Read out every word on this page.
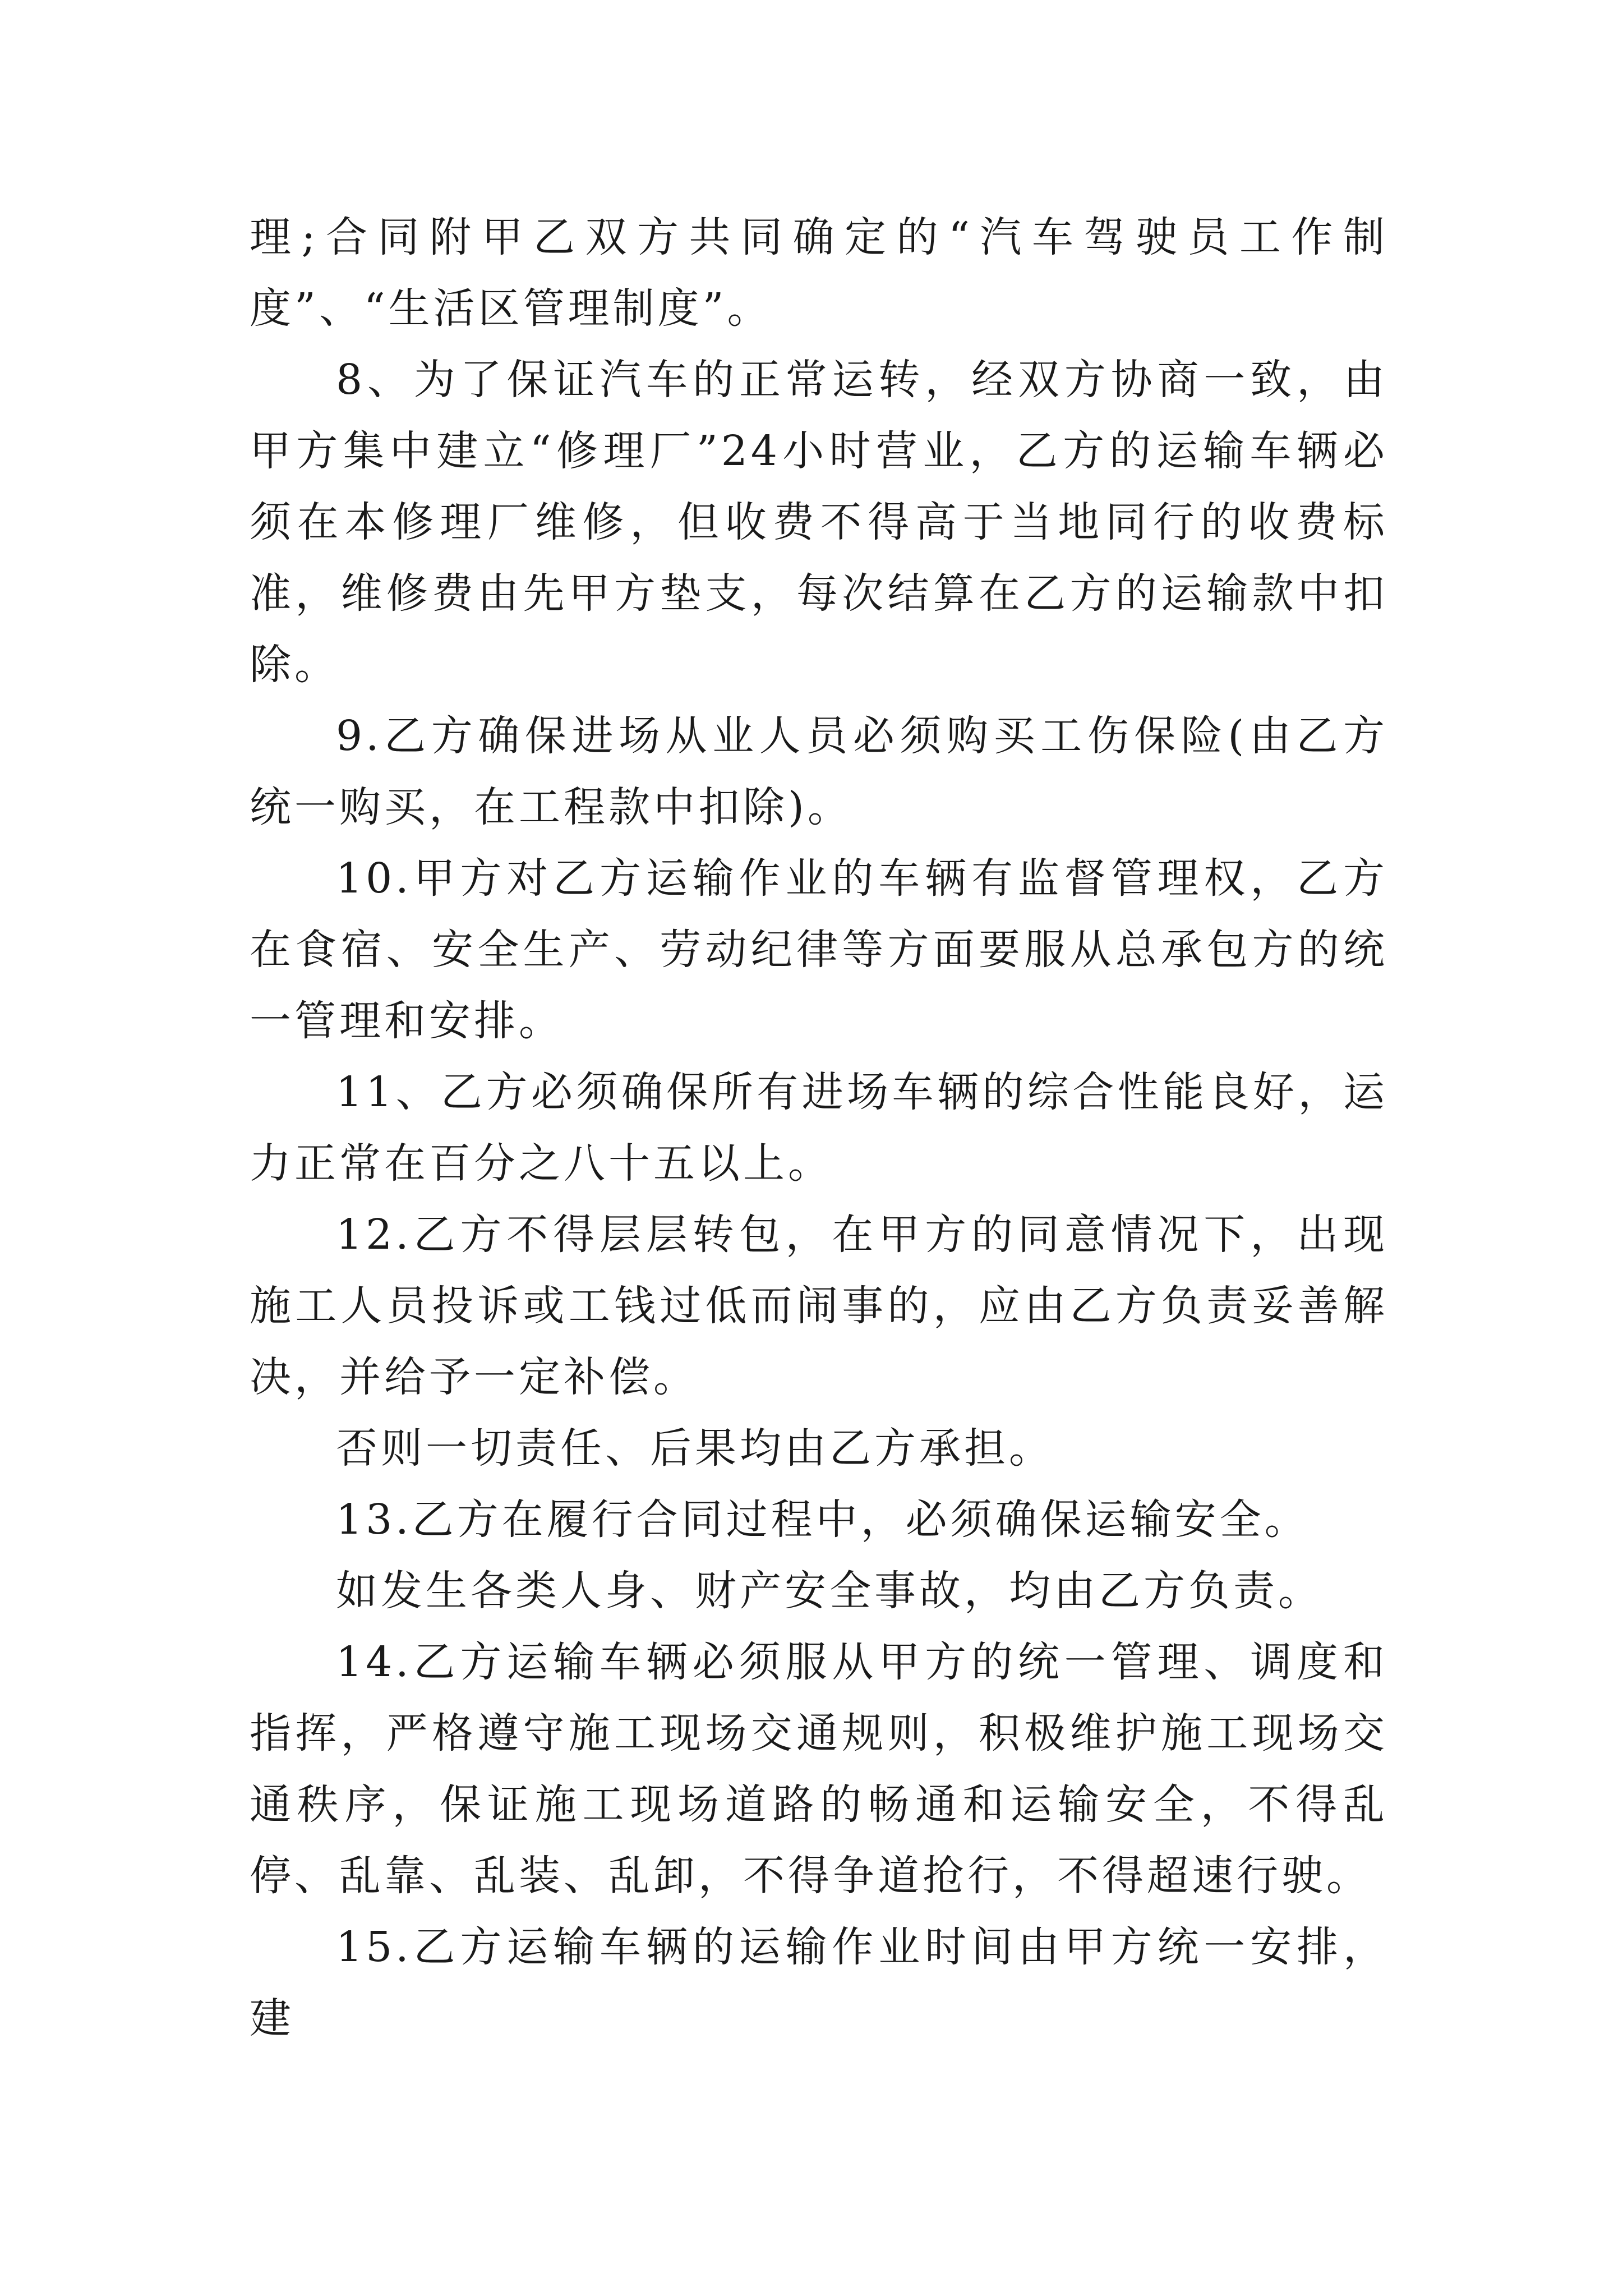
理;合同附甲乙双方共同确定的“汽车驾驶员工作制度”、“生活区管理制度”。

8、为了保证汽车的正常运转，经双方协商一致，由甲方集中建立“修理厂”24小时营业，乙方的运输车辆必须在本修理厂维修，但收费不得高于当地同行的收费标准，维修费由先甲方垫支，每次结算在乙方的运输款中扣除。

9.乙方确保进场从业人员必须购买工伤保险(由乙方统一购买，在工程款中扣除)。

10.甲方对乙方运输作业的车辆有监督管理权，乙方在食宿、安全生产、劳动纪律等方面要服从总承包方的统一管理和安排。

11、乙方必须确保所有进场车辆的综合性能良好，运力正常在百分之八十五以上。

12.乙方不得层层转包，在甲方的同意情况下，出现施工人员投诉或工钱过低而闹事的，应由乙方负责妥善解决，并给予一定补偿。

否则一切责任、后果均由乙方承担。

13.乙方在履行合同过程中，必须确保运输安全。

如发生各类人身、财产安全事故，均由乙方负责。

14.乙方运输车辆必须服从甲方的统一管理、调度和指挥，严格遵守施工现场交通规则，积极维护施工现场交通秩序，保证施工现场道路的畅通和运输安全，不得乱停、乱靠、乱装、乱卸，不得争道抢行，不得超速行驶。

15.乙方运输车辆的运输作业时间由甲方统一安排，建
